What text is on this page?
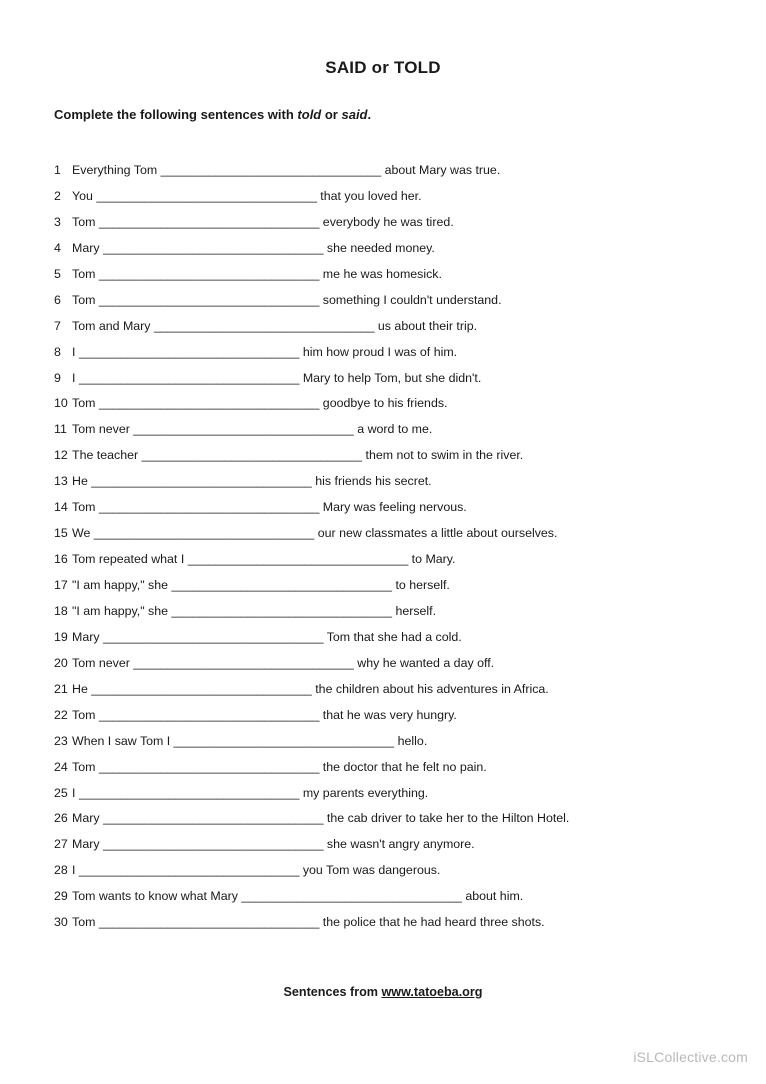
SAID or TOLD
Complete the following sentences with told or said.
1 Everything Tom ________________________________ about Mary was true.
2 You ________________________________ that you loved her.
3 Tom ________________________________ everybody he was tired.
4 Mary ________________________________ she needed money.
5 Tom ________________________________ me he was homesick.
6 Tom ________________________________ something I couldn't understand.
7 Tom and Mary ________________________________ us about their trip.
8 I ________________________________ him how proud I was of him.
9 I ________________________________ Mary to help Tom, but she didn't.
10 Tom ________________________________ goodbye to his friends.
11 Tom never ________________________________ a word to me.
12 The teacher ________________________________ them not to swim in the river.
13 He ________________________________ his friends his secret.
14 Tom ________________________________ Mary was feeling nervous.
15 We ________________________________ our new classmates a little about ourselves.
16 Tom repeated what I ________________________________ to Mary.
17 "I am happy," she ________________________________ to herself.
18 "I am happy," she ________________________________ herself.
19 Mary ________________________________ Tom that she had a cold.
20 Tom never ________________________________ why he wanted a day off.
21 He ________________________________ the children about his adventures in Africa.
22 Tom ________________________________ that he was very hungry.
23 When I saw Tom I ________________________________ hello.
24 Tom ________________________________ the doctor that he felt no pain.
25 I ________________________________ my parents everything.
26 Mary ________________________________ the cab driver to take her to the Hilton Hotel.
27 Mary ________________________________ she wasn't angry anymore.
28 I ________________________________ you Tom was dangerous.
29 Tom wants to know what Mary ________________________________ about him.
30 Tom ________________________________ the police that he had heard three shots.
Sentences from www.tatoeba.org
iSLCollective.com
